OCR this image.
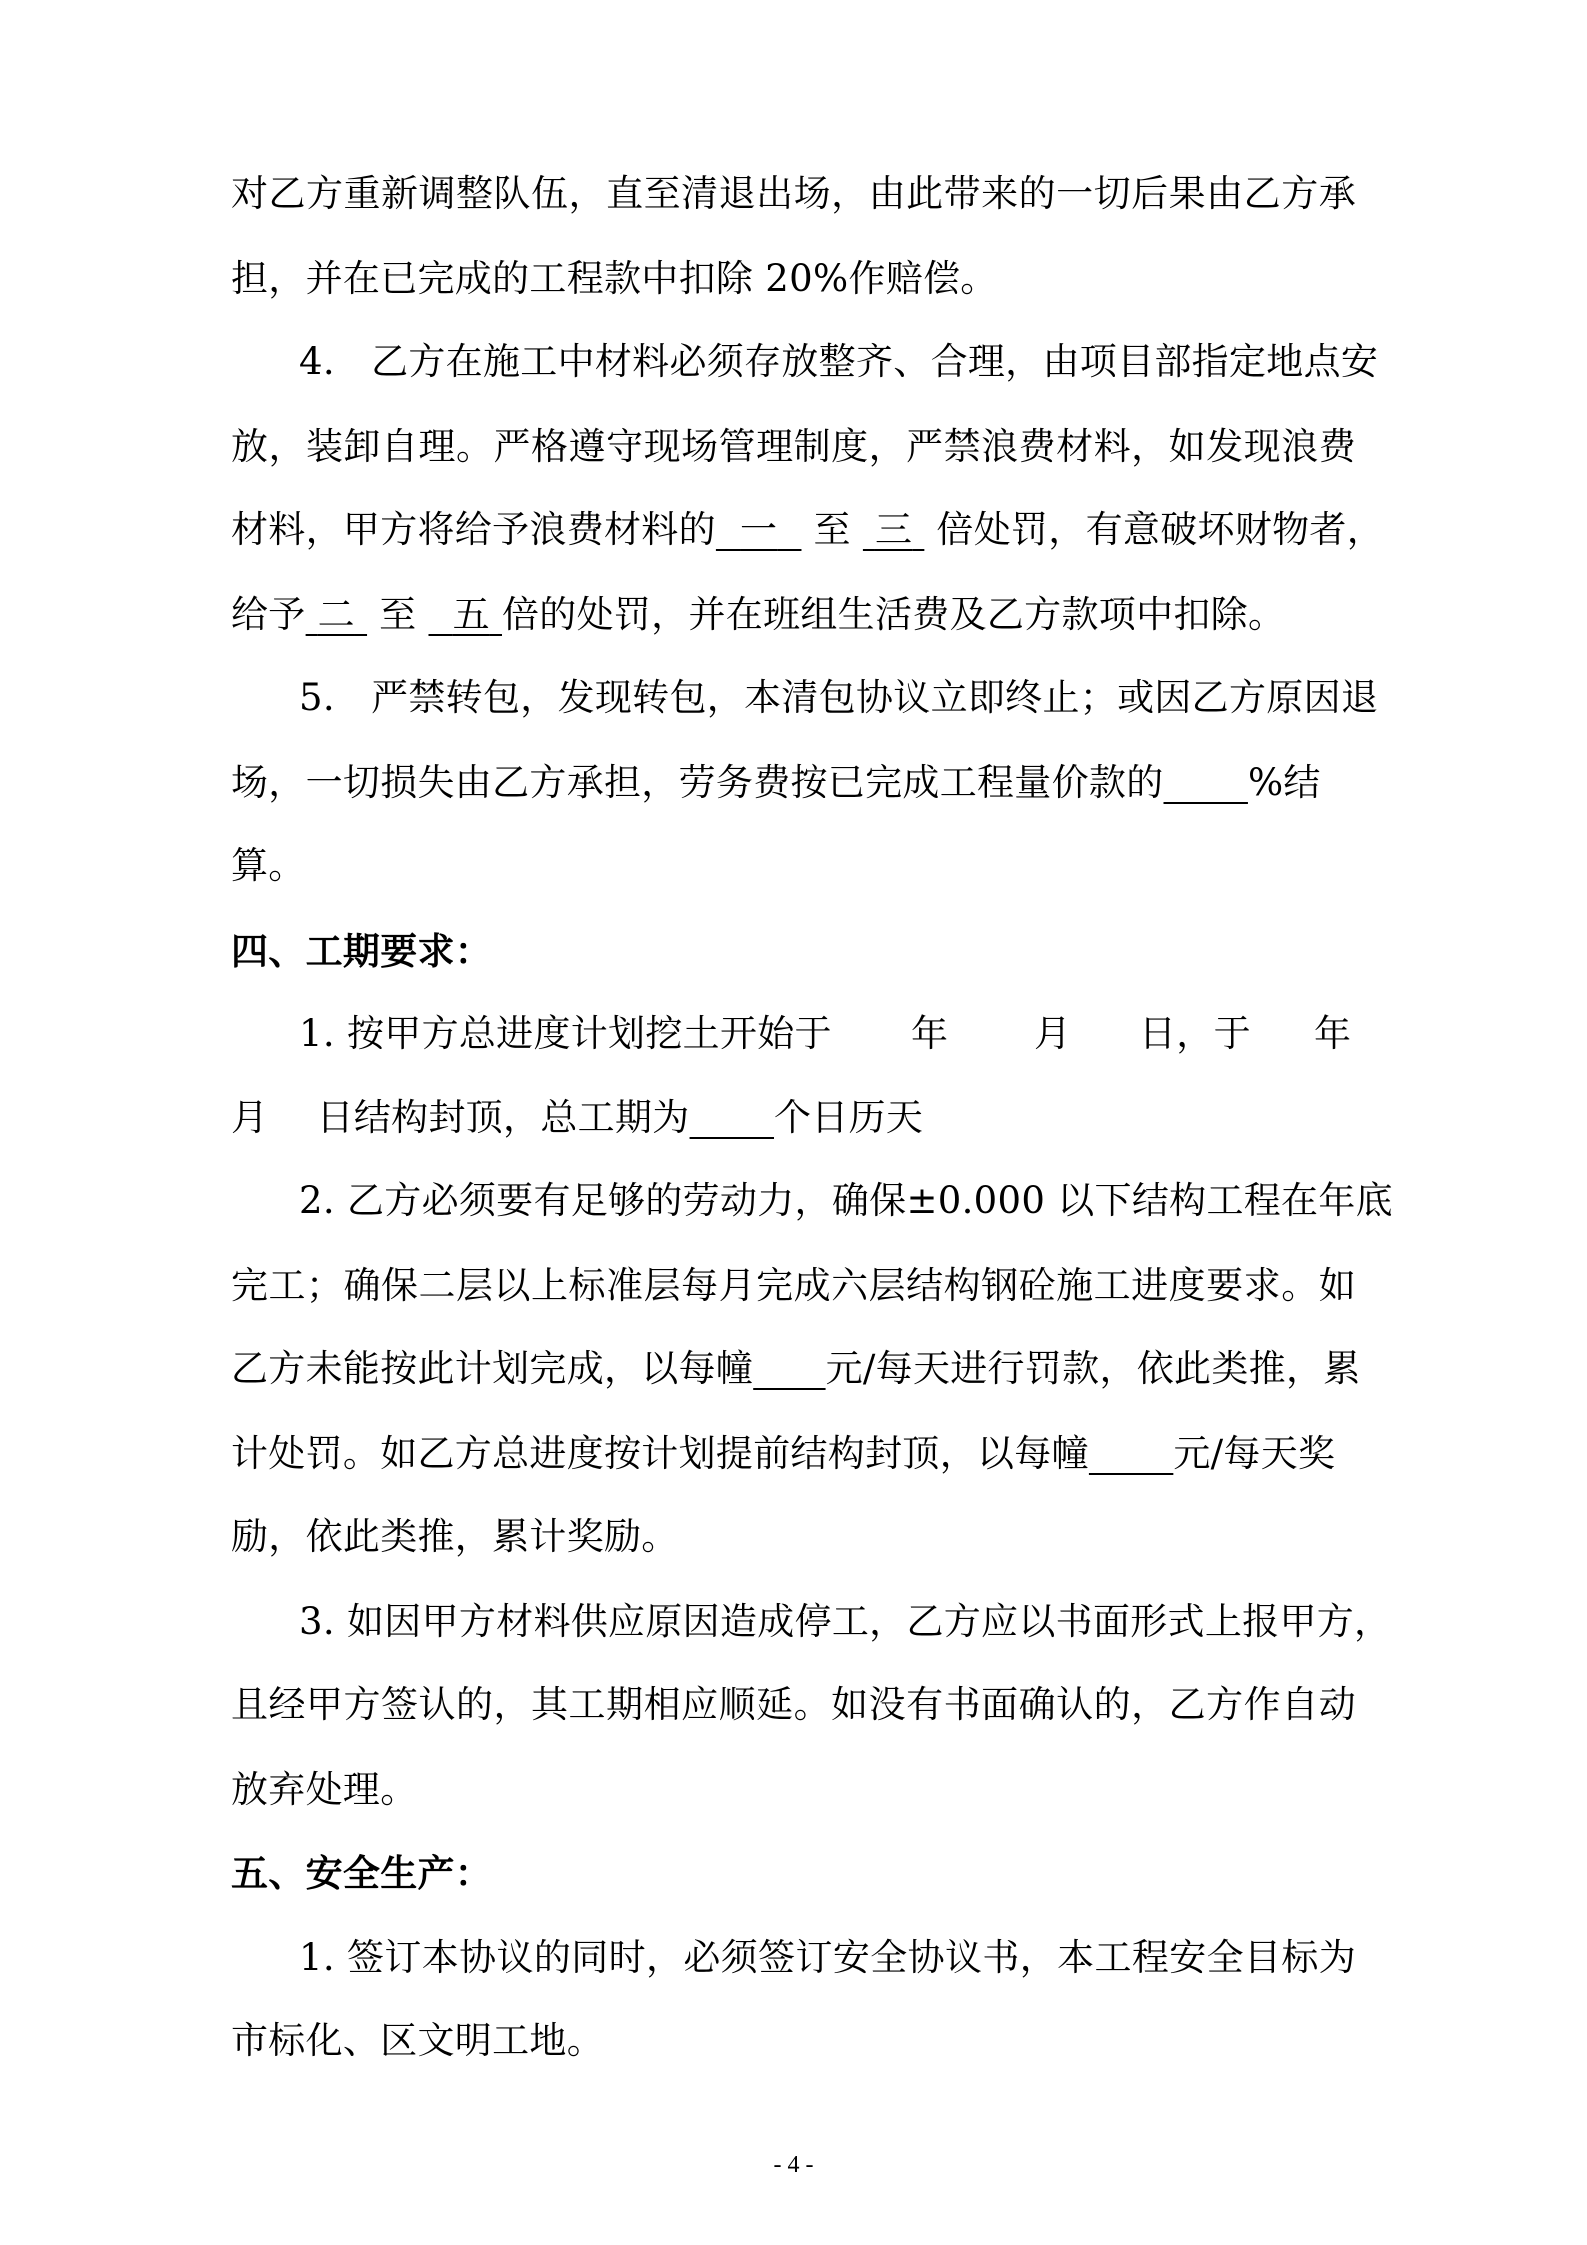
对乙方重新调整队伍，直至清退出场，由此带来的一切后果由乙方承
担，并在已完成的工程款中扣除 20%作赔偿。
4.   乙方在施工中材料必须存放整齐、合理，由项目部指定地点安
放，装卸自理。严格遵守现场管理制度，严禁浪费材料，如发现浪费
材料，甲方将给予浪费材料的 一 至 三 倍处罚，有意破坏财物者，
给予 二 至 五 倍的处罚，并在班组生活费及乙方款项中扣除。
5.   严禁转包，发现转包，本清包协议立即终止；或因乙方原因退
场，一切损失由乙方承担，劳务费按已完成工程量价款的 %结
算。
四、工期要求：
1. 按甲方总进度计划挖土开始于 年 月 日，于 年
月 日结构封顶，总工期为 个日历天
2. 乙方必须要有足够的劳动力，确保±0.000 以下结构工程在年底
完工；确保二层以上标准层每月完成六层结构钢砼施工进度要求。如
乙方未能按此计划完成，以每幢 元/每天进行罚款，依此类推，累
计处罚。如乙方总进度按计划提前结构封顶，以每幢 元/每天奖
励，依此类推，累计奖励。
3. 如因甲方材料供应原因造成停工，乙方应以书面形式上报甲方，
且经甲方签认的，其工期相应顺延。如没有书面确认的，乙方作自动
放弃处理。
五、安全生产：
1. 签订本协议的同时，必须签订安全协议书，本工程安全目标为
市标化、区文明工地。
- 4 -
